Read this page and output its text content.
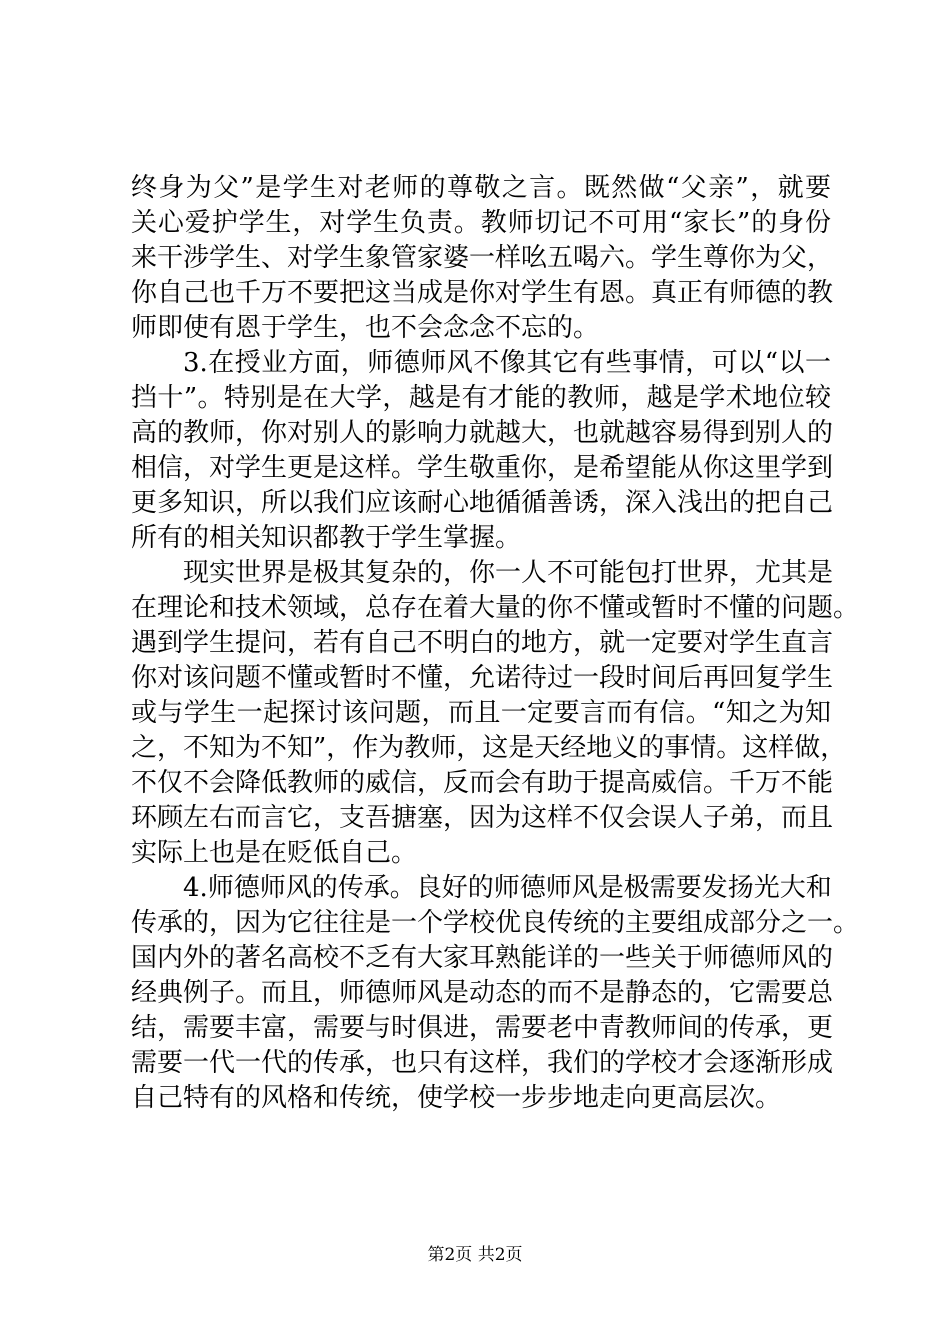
终身为父”是学生对老师的尊敬之言。既然做“父亲”，就要
关心爱护学生，对学生负责。教师切记不可用“家长”的身份
来干涉学生、对学生象管家婆一样吆五喝六。学生尊你为父，
你自己也千万不要把这当成是你对学生有恩。真正有师德的教
师即使有恩于学生，也不会念念不忘的。
3.在授业方面，师德师风不像其它有些事情，可以“以一
挡十”。特别是在大学，越是有才能的教师，越是学术地位较
高的教师，你对别人的影响力就越大，也就越容易得到别人的
相信，对学生更是这样。学生敬重你，是希望能从你这里学到
更多知识，所以我们应该耐心地循循善诱，深入浅出的把自己
所有的相关知识都教于学生掌握。
现实世界是极其复杂的，你一人不可能包打世界，尤其是
在理论和技术领域，总存在着大量的你不懂或暂时不懂的问题。
遇到学生提问，若有自己不明白的地方，就一定要对学生直言
你对该问题不懂或暂时不懂，允诺待过一段时间后再回复学生
或与学生一起探讨该问题，而且一定要言而有信。“知之为知
之，不知为不知”，作为教师，这是天经地义的事情。这样做，
不仅不会降低教师的威信，反而会有助于提高威信。千万不能
环顾左右而言它，支吾搪塞，因为这样不仅会误人子弟，而且
实际上也是在贬低自己。
4.师德师风的传承。良好的师德师风是极需要发扬光大和
传承的，因为它往往是一个学校优良传统的主要组成部分之一。
国内外的著名高校不乏有大家耳熟能详的一些关于师德师风的
经典例子。而且，师德师风是动态的而不是静态的，它需要总
结，需要丰富，需要与时俱进，需要老中青教师间的传承，更
需要一代一代的传承，也只有这样，我们的学校才会逐渐形成
自己特有的风格和传统，使学校一步步地走向更高层次。
第2页 共2页
